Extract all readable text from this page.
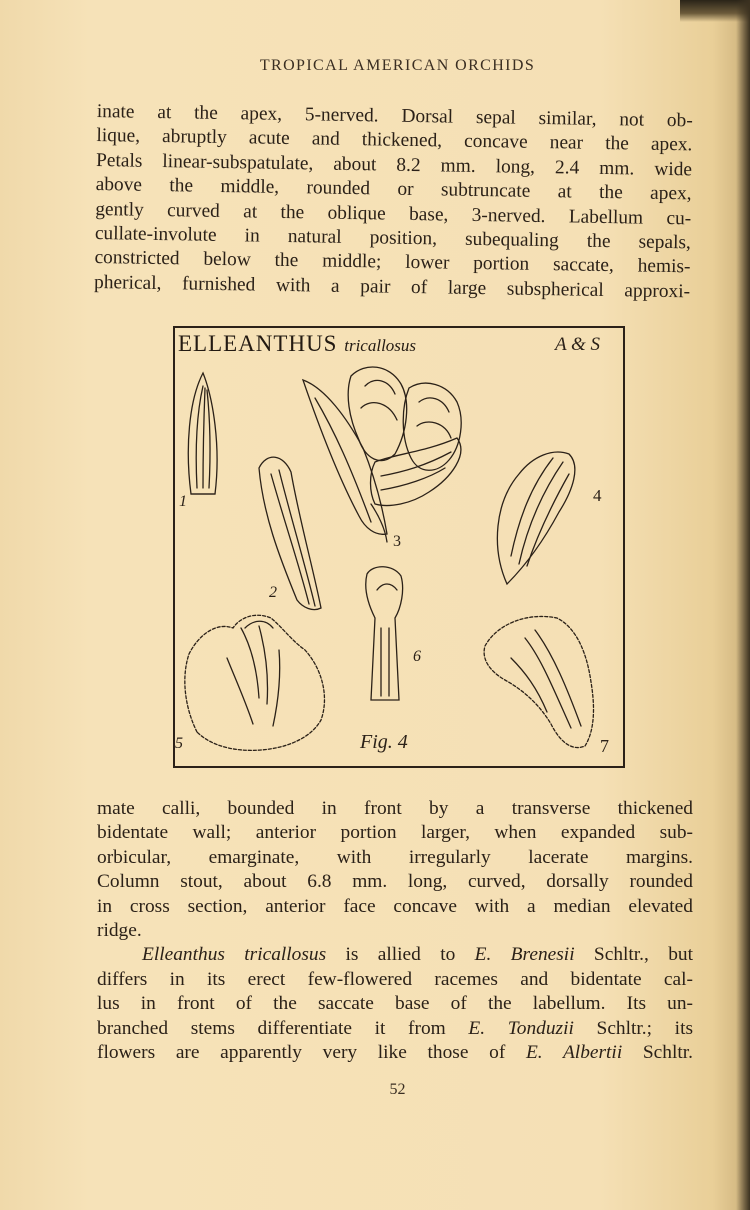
TROPICAL AMERICAN ORCHIDS

inate at the apex, 5-nerved. Dorsal sepal similar, not ob-
lique, abruptly acute and thickened, concave near the apex.
Petals linear-subspatulate, about 8.2 mm. long, 2.4 mm. wide
above the middle, rounded or subtruncate at the apex,
gently curved at the oblique base, 3-nerved. Labellum cu-
cullate-involute in natural position, subequaling the sepals,
constricted below the middle; lower portion saccate, hemis-
pherical, furnished with a pair of large subspherical approxi-

ELLEANTHUS tricallosus	A & S
1
2
3
4
5
6
7
Fig. 4

mate calli, bounded in front by a transverse thickened
bidentate wall; anterior portion larger, when expanded sub-
orbicular, emarginate, with irregularly lacerate margins.
Column stout, about 6.8 mm. long, curved, dorsally rounded
in cross section, anterior face concave with a median elevated
ridge.
Elleanthus tricallosus is allied to E. Brenesii Schltr., but
differs in its erect few-flowered racemes and bidentate cal-
lus in front of the saccate base of the labellum. Its un-
branched stems differentiate it from E. Tonduzii Schltr.; its
flowers are apparently very like those of E. Albertii Schltr.

52
